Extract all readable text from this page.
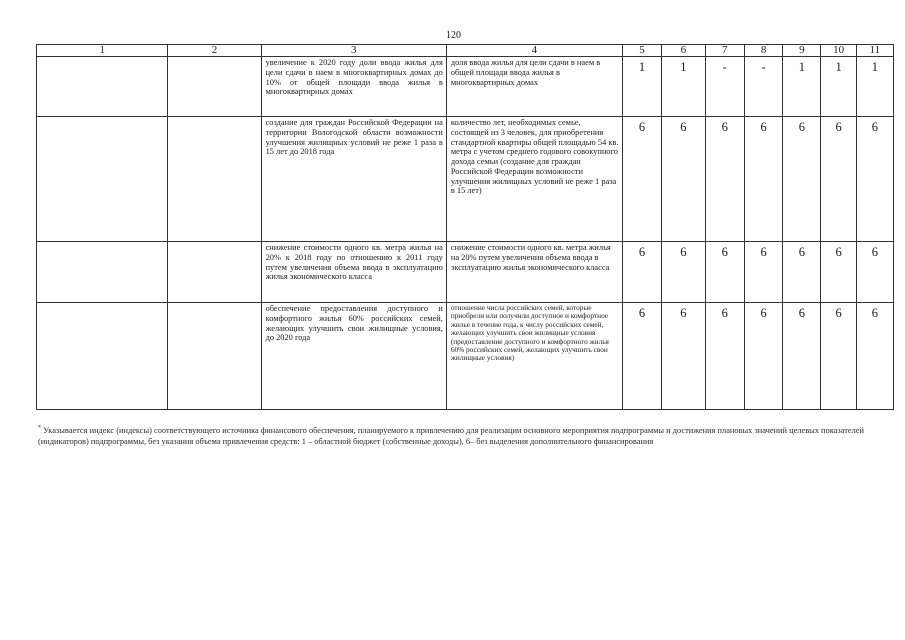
120
1	2	3	4	5	6	7	8	9	10	11
		увеличение к 2020 году доли ввода жилья для цели сдачи в наем в многоквартирных домах до 10% от общей площади ввода жилья в многоквартирных домах	доля ввода жилья для цели сдачи в наем в общей площади ввода жилья в многоквартирных домах	1	1	-	-	1	1	1
		создание для граждан Российской Федерации на территории Вологодской области возможности улучшения жилищных условий не реже 1 раза в 15 лет до 2018 года	количество лет, необходимых семье, состоящей из 3 человек, для приобретения стандартной квартиры общей площадью 54 кв. метра с учетом среднего годового совокупного дохода семьи (создание для граждан Российской Федерации возможности улучшения жилищных условий не реже 1 раза в 15 лет)	6	6	6	6	6	6	6
		снижение стоимости одного кв. метра жилья на 20% к 2018 году по отношению к 2011 году путем увеличения объема ввода в эксплуатацию жилья экономического класса	снижение стоимости одного кв. метра жилья на 20% путем увеличения объема ввода в эксплуатацию жилья экономического класса	6	6	6	6	6	6	6
		обеспечение предоставления доступного и комфортного жилья 60% российских семей, желающих улучшить свои жилищные условия, до 2020 года	отношение числа российских семей, которые приобрели или получили доступное и комфортное жилье в течение года, к числу российских семей, желающих улучшить свои жилищные условия (предоставление доступного и комфортного жилья 60% российских семей, желающих улучшить свои жилищные условия)	6	6	6	6	6	6	6
* Указывается индекс (индексы) соответствующего источника финансового обеспечения, планируемого к привлечению для реализации основного мероприятия подпрограммы и достижения плановых значений целевых показателей (индикаторов) подпрограммы, без указания объема привлечения средств: 1 – областной бюджет (собственные доходы), 6– без выделения дополнительного финансирования
